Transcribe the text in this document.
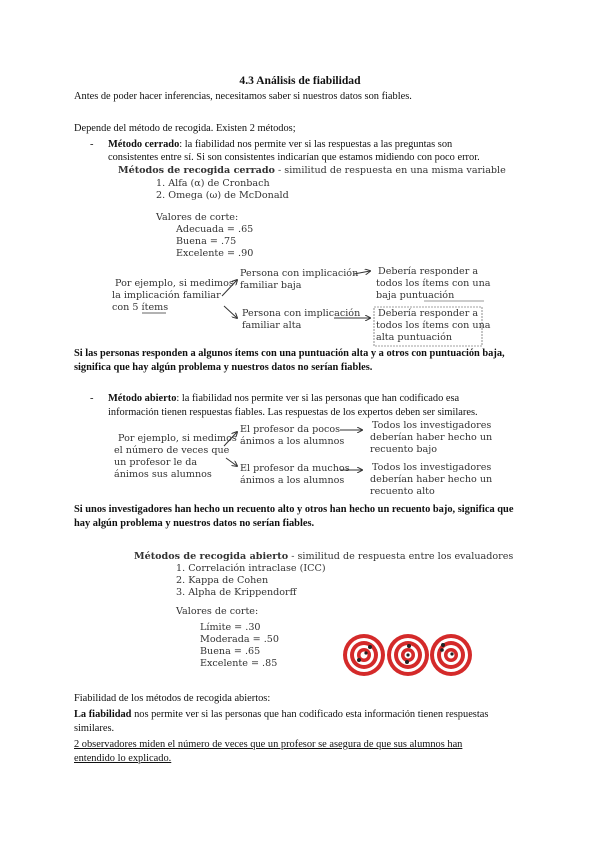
4.3 Análisis de fiabilidad
Antes de poder hacer inferencias, necesitamos saber si nuestros datos son fiables.
Depende del método de recogida. Existen 2 métodos;
- Método cerrado: la fiabilidad nos permite ver si las respuestas a las preguntas son
consistentes entre sí. Si son consistentes indicarían que estamos midiendo con poco error.
Métodos de recogida cerrado - similitud de respuesta en una misma variable
1. Alfa (α) de Cronbach
2. Omega (ω) de McDonald
Valores de corte:
Adecuada = .65
Buena = .75
Excelente = .90
Por ejemplo, si medimos
la implicación familiar
con 5 ítems
Persona con implicación
familiar baja
Persona con implicación
familiar alta
Debería responder a
todos los ítems con una
baja puntuación
Debería responder a
todos los ítems con una
alta puntuación
Si las personas responden a algunos ítems con una puntuación alta y a otros con puntuación baja,
significa que hay algún problema y nuestros datos no serían fiables.
- Método abierto: la fiabilidad nos permite ver si las personas que han codificado esa
información tienen respuestas fiables. Las respuestas de los expertos deben ser similares.
Por ejemplo, si medimos
el número de veces que
un profesor le da
ánimos sus alumnos
El profesor da pocos
ánimos a los alumnos
El profesor da muchos
ánimos a los alumnos
Todos los investigadores
deberían haber hecho un
recuento bajo
Todos los investigadores
deberían haber hecho un
recuento alto
Si unos investigadores han hecho un recuento alto y otros han hecho un recuento bajo, significa que
hay algún problema y nuestros datos no serían fiables.
Métodos de recogida abierto - similitud de respuesta entre los evaluadores
1. Correlación intraclase (ICC)
2. Kappa de Cohen
3. Alpha de Krippendorff
Valores de corte:
Límite = .30
Moderada = .50
Buena = .65
Excelente = .85
Fiabilidad de los métodos de recogida abiertos:
La fiabilidad nos permite ver si las personas que han codificado esta información tienen respuestas
similares.
2 observadores miden el número de veces que un profesor se asegura de que sus alumnos han
entendido lo explicado.
